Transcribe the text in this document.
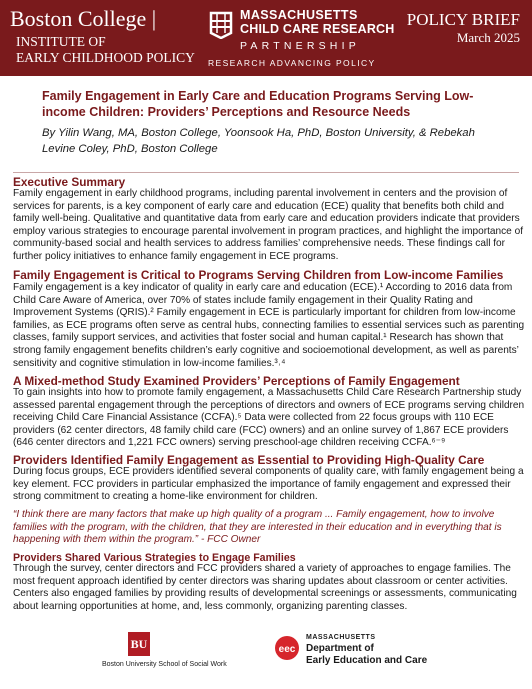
Boston College |
INSTITUTE OF
EARLY CHILDHOOD POLICY
MASSACHUSETTS
CHILD CARE RESEARCH
PARTNERSHIP
RESEARCH ADVANCING POLICY
POLICY BRIEF
March 2025
Family Engagement in Early Care and Education Programs Serving Low-income Children: Providers’ Perceptions and Resource Needs
By Yilin Wang, MA, Boston College, Yoonsook Ha, PhD, Boston University, & Rebekah Levine Coley, PhD, Boston College
Executive Summary
Family engagement in early childhood programs, including parental involvement in centers and the provision of services for parents, is a key component of early care and education (ECE) quality that benefits both child and family well-being. Qualitative and quantitative data from early care and education providers indicate that providers employ various strategies to encourage parental involvement in program practices, and highlight the importance of community-based social and health services to address families’ comprehensive needs. These findings call for further policy initiatives to enhance family engagement in ECE programs.
Family Engagement is Critical to Programs Serving Children from Low-income Families
Family engagement is a key indicator of quality in early care and education (ECE).¹ According to 2016 data from Child Care Aware of America, over 70% of states include family engagement in their Quality Rating and Improvement Systems (QRIS).² Family engagement in ECE is particularly important for children from low-income families, as ECE programs often serve as central hubs, connecting families to essential services such as parenting classes, family support services, and activities that foster social and human capital.¹ Research has shown that strong family engagement benefits children’s early cognitive and socioemotional development, as well as parents’ sensitivity and cognitive stimulation in low-income families.³˒⁴
A Mixed-method Study Examined Providers’ Perceptions of Family Engagement
To gain insights into how to promote family engagement, a Massachusetts Child Care Research Partnership study assessed parental engagement through the perceptions of directors and owners of ECE programs serving children receiving Child Care Financial Assistance (CCFA).⁵ Data were collected from 22 focus groups with 110 ECE providers (62 center directors, 48 family child care (FCC) owners) and an online survey of 1,867 ECE providers (646 center directors and 1,221 FCC owners) serving preschool-age children receiving CCFA.⁶⁻⁹
Providers Identified Family Engagement as Essential to Providing High-Quality Care
During focus groups, ECE providers identified several components of quality care, with family engagement being a key element. FCC providers in particular emphasized the importance of family engagement and expressed their strong commitment to creating a home-like environment for children.
“I think there are many factors that make up high quality of a program ... Family engagement, how to involve families with the program, with the children, that they are interested in their education and in everything that is happening with them within the program.” - FCC Owner
Providers Shared Various Strategies to Engage Families
Through the survey, center directors and FCC providers shared a variety of approaches to engage families. The most frequent approach identified by center directors was sharing updates about classroom or center activities. Centers also engaged families by providing results of developmental screenings or assessments, communicating about learning opportunities at home, and, less commonly, organizing parenting classes.
BU
Boston University School of Social Work
eec
MASSACHUSETTS
Department of
Early Education and Care
